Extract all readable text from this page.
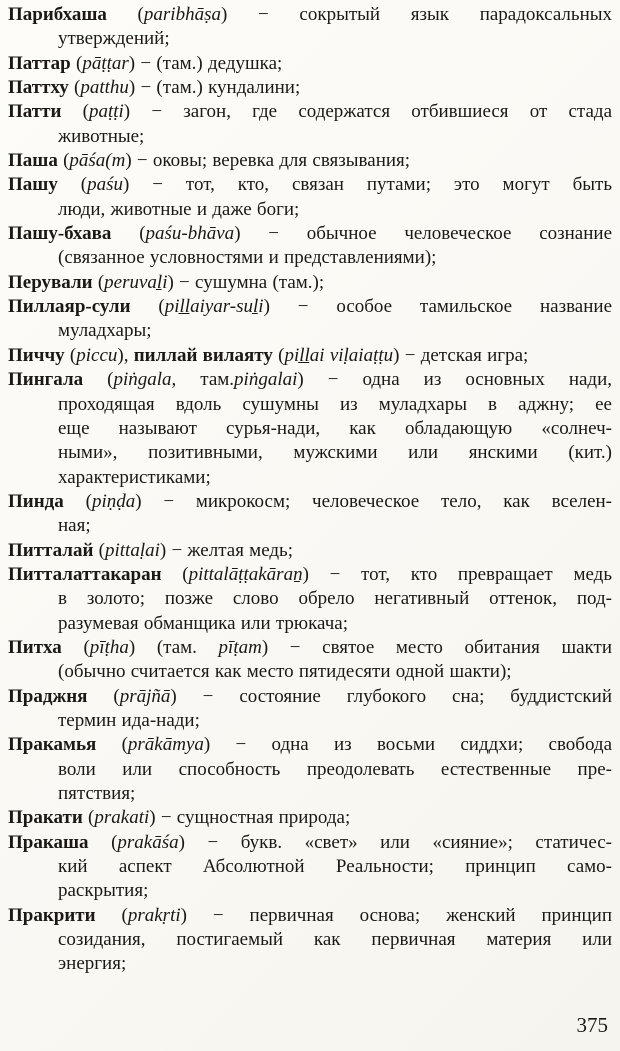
Парибхаша (paribhāṣa) − сокрытый язык парадоксальных
утверждений;
Паттар (pāṭṭar) − (там.) дедушка;
Паттху (patthu) − (там.) кундалини;
Патти (paṭṭi) − загон, где содержатся отбившиеся от стада
животные;
Паша (pāśa(m) − оковы; веревка для связывания;
Пашу (paśu) − тот, кто, связан путами; это могут быть
люди, животные и даже боги;
Пашу-бхава (paśu-bhāva) − обычное человеческое сознание
(связанное условностями и представлениями);
Перували (peruvaḻi) − сушумна (там.);
Пиллаяр-сули (piḻḻaiyar-suḻi) − особое тамильское название
муладхары;
Пиччу (piccu), пиллай вилаяту (piḻḻai viḷaiaṭṭu) − детская игра;
Пингала (piṅgala, там.piṅgalai) − одна из основных нади,
проходящая вдоль сушумны из муладхары в аджну; ее
еще называют сурья-нади, как обладающую «солнеч-
ными», позитивными, мужскими или янскими (кит.)
характеристиками;
Пинда (piṇḍa) − микрокосм; человеческое тело, как вселен-
ная;
Питталай (pittaḷai) − желтая медь;
Питталаттакаран (pittalāṭṭakāraṉ) − тот, кто превращает медь
в золото; позже слово обрело негативный оттенок, под-
разумевая обманщика или трюкача;
Питха (pīṭha) (там. pīṭam) − святое место обитания шакти
(обычно считается как место пятидесяти одной шакти);
Праджня (prājñā) − состояние глубокого сна; буддистский
термин ида-нади;
Пракамья (prākāmya) − одна из восьми сиддхи; свобода
воли или способность преодолевать естественные пре-
пятствия;
Пракати (prakati) − сущностная природа;
Пракаша (prakāśa) − букв. «свет» или «сияние»; статичес-
кий аспект Абсолютной Реальности; принцип само-
раскрытия;
Пракрити (prakṛti) − первичная основа; женский принцип
созидания, постигаемый как первичная материя или
энергия;
375
